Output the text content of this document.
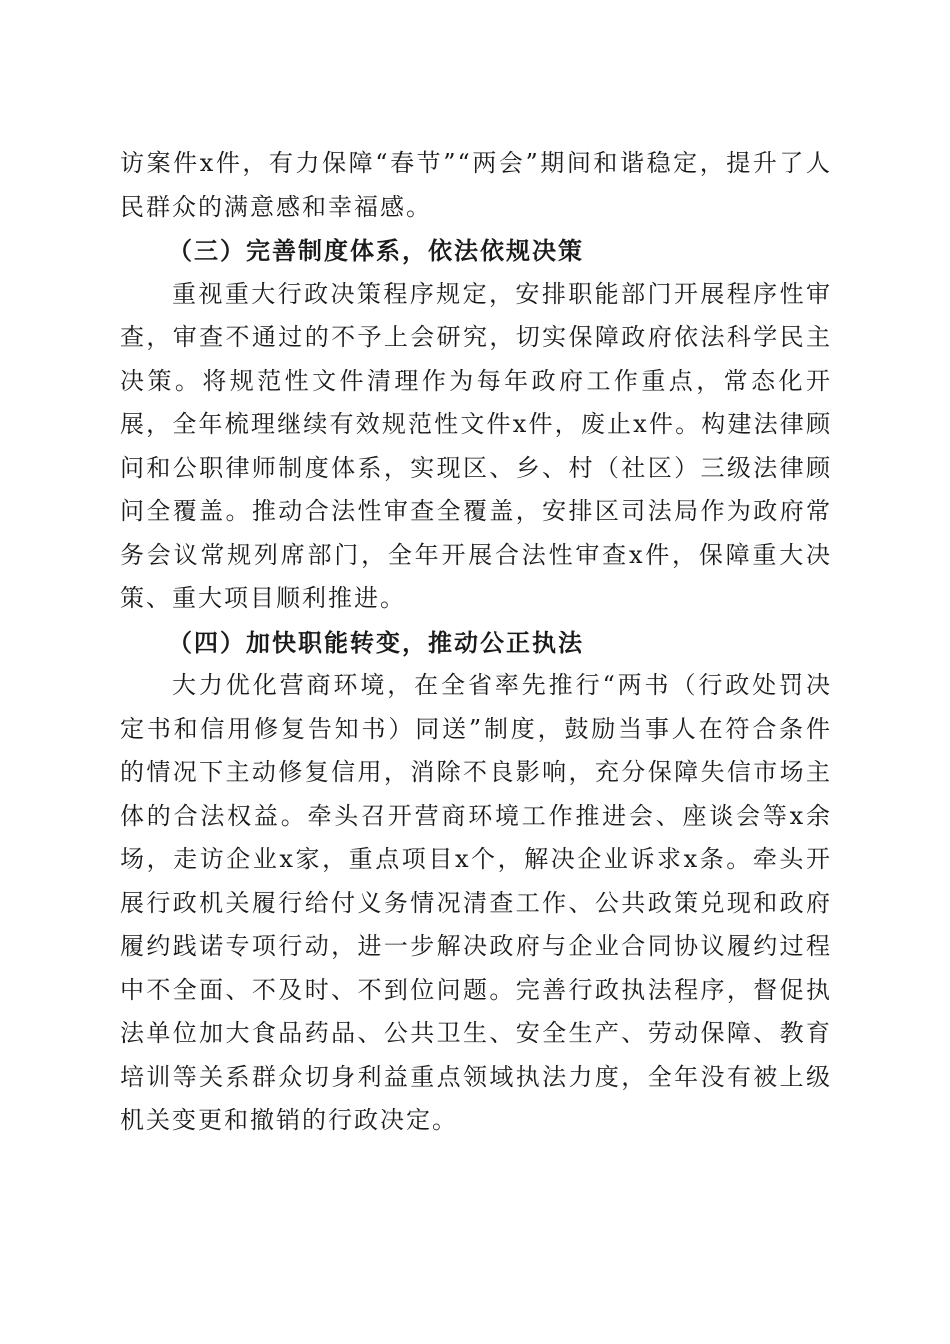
访案件x件，有力保障“春节”“两会”期间和谐稳定，提升了人民群众的满意感和幸福感。

（三）完善制度体系，依法依规决策

重视重大行政决策程序规定，安排职能部门开展程序性审查，审查不通过的不予上会研究，切实保障政府依法科学民主决策。将规范性文件清理作为每年政府工作重点，常态化开展，全年梳理继续有效规范性文件x件，废止x件。构建法律顾问和公职律师制度体系，实现区、乡、村（社区）三级法律顾问全覆盖。推动合法性审查全覆盖，安排区司法局作为政府常务会议常规列席部门，全年开展合法性审查x件，保障重大决策、重大项目顺利推进。

（四）加快职能转变，推动公正执法

大力优化营商环境，在全省率先推行“两书（行政处罚决定书和信用修复告知书）同送”制度，鼓励当事人在符合条件的情况下主动修复信用，消除不良影响，充分保障失信市场主体的合法权益。牵头召开营商环境工作推进会、座谈会等x余场，走访企业x家，重点项目x个，解决企业诉求x条。牵头开展行政机关履行给付义务情况清查工作、公共政策兑现和政府履约践诺专项行动，进一步解决政府与企业合同协议履约过程中不全面、不及时、不到位问题。完善行政执法程序，督促执法单位加大食品药品、公共卫生、安全生产、劳动保障、教育培训等关系群众切身利益重点领域执法力度，全年没有被上级机关变更和撤销的行政决定。
